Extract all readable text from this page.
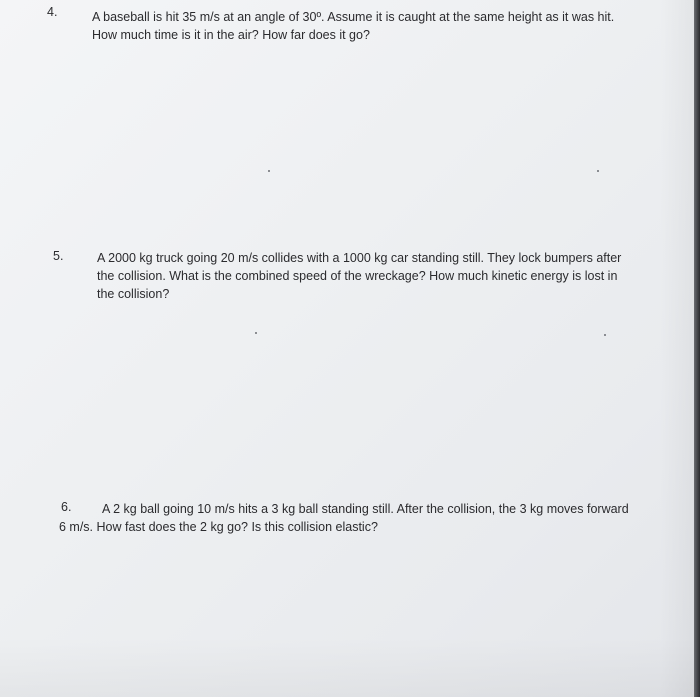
4.	A baseball is hit 35 m/s at an angle of 30º. Assume it is caught at the same height as it was hit.
How much time is it in the air? How far does it go?
5.	A 2000 kg truck going 20 m/s collides with a 1000 kg car standing still. They lock bumpers after
the collision. What is the combined speed of the wreckage? How much kinetic energy is lost in
the collision?
6. A 2 kg ball going 10 m/s hits a 3 kg ball standing still. After the collision, the 3 kg moves forward
6 m/s. How fast does the 2 kg go? Is this collision elastic?
